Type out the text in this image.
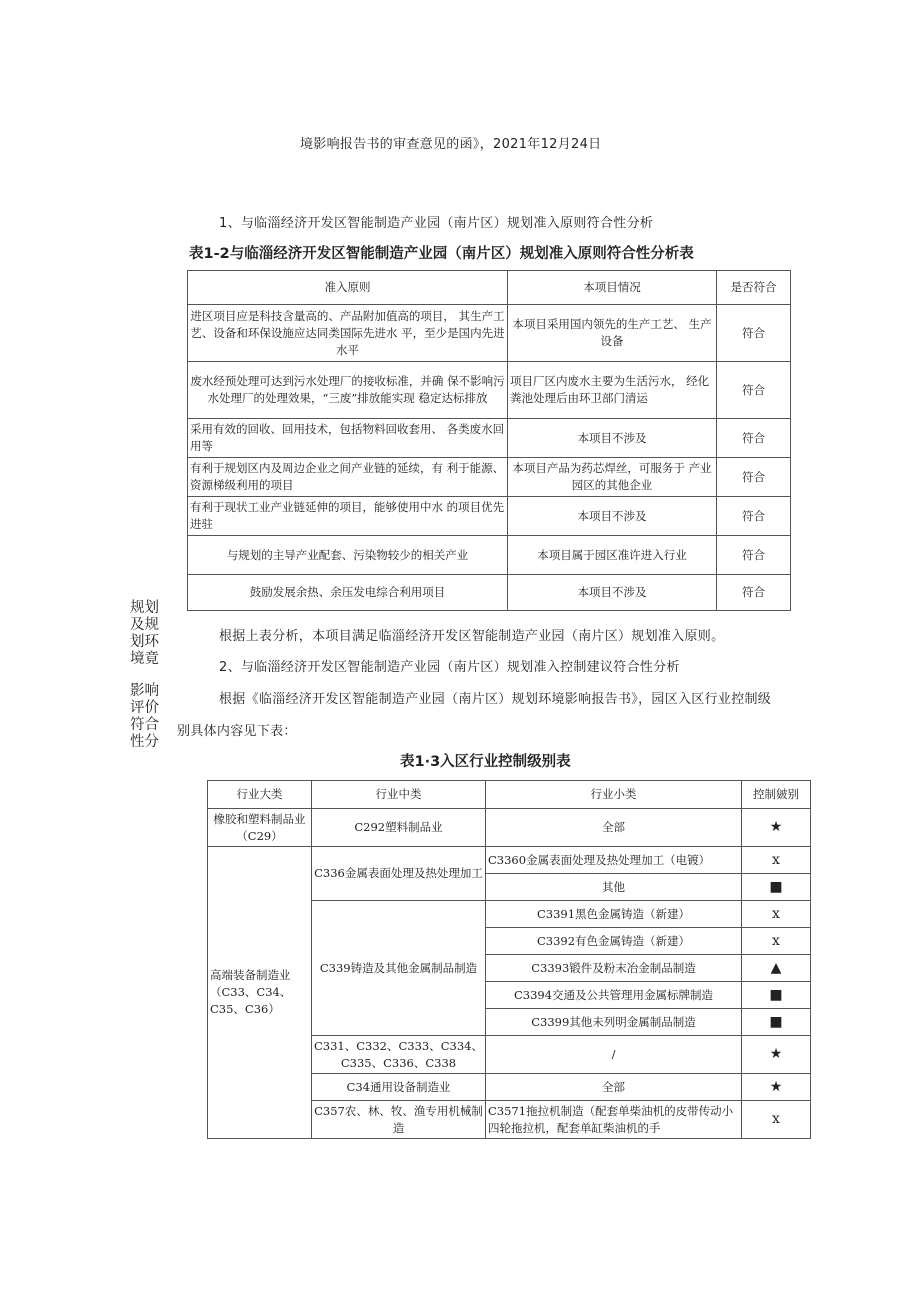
境影响报告书的审查意见的函》，2021年12月24日
1、与临淄经济开发区智能制造产业园（南片区）规划准入原则符合性分析
表1-2与临淄经济开发区智能制造产业园（南片区）规划准入原则符合性分析表
准入原则	本项目情况	是否符合
进区项目应是科技含量高的、产品附加值高的项目， 其生产工艺、设备和环保设施应达同类国际先进水 平，至少是国内先进水平	本项目采用国内领先的生产工艺、 生产设备	符合
废水经预处理可达到污水处理厂的接收标准，并确 保不影响污水处理厂的处理效果，“三废”排放能实现 稳定达标排放	项目厂区内废水主要为生活污水， 经化粪池处理后由环卫部门清运	符合
采用有效的回收、回用技术，包括物料回收套用、 各类废水回用等	本项目不涉及	符合
有利于规划区内及周边企业之间产业链的延续，有 利于能源、资源梯级利用的项目	本项目产品为药芯焊丝，可服务于 产业园区的其他企业	符合
有利于现状工业产业链延伸的项目，能够使用中水 的项目优先进驻	本项目不涉及	符合
与规划的主导产业配套、污染物较少的相关产业	本项目属于园区准许进入行业	符合
鼓励发展余热、余压发电综合利用项目	本项目不涉及	符合
规划
及规
划环
境竟
影响
评价
符合
性分
根据上表分析，本项目满足临淄经济开发区智能制造产业园（南片区）规划准入原则。
2、与临淄经济开发区智能制造产业园（南片区）规划准入控制建议符合性分析
根据《临淄经济开发区智能制造产业园（南片区）规划环境影响报告书》，园区入区行业控制级
别具体内容见下表：
表1·3入区行业控制级别表
行业大类	行业中类	行业小类	控制皴别
橡胶和塑料制品业（C29）	C292塑料制品业	全部	★
高端装备制造业（C33、C34、C35、C36）	C336金属表面处理及热处理加工	C3360金属表面处理及热处理加工（电镀）	x
		其他	■
	C339铸造及其他金属制品制造	C3391黑色金属铸造（新建）	x
		C3392有色金属铸造（新建）	x
		C3393锻件及粉末冶金制品制造	▲
		C3394交通及公共管理用金属标牌制造	■
		C3399其他未列明金属制品制造	■
	C331、C332、C333、C334、C335、C336、C338	/	★
	C34通用设备制造业	全部	★
	C357农、林、牧、渔专用机械制造	C3571拖拉机制造（配套单柴油机的皮带传动小四轮拖拉机，配套单缸柴油机的手	x
